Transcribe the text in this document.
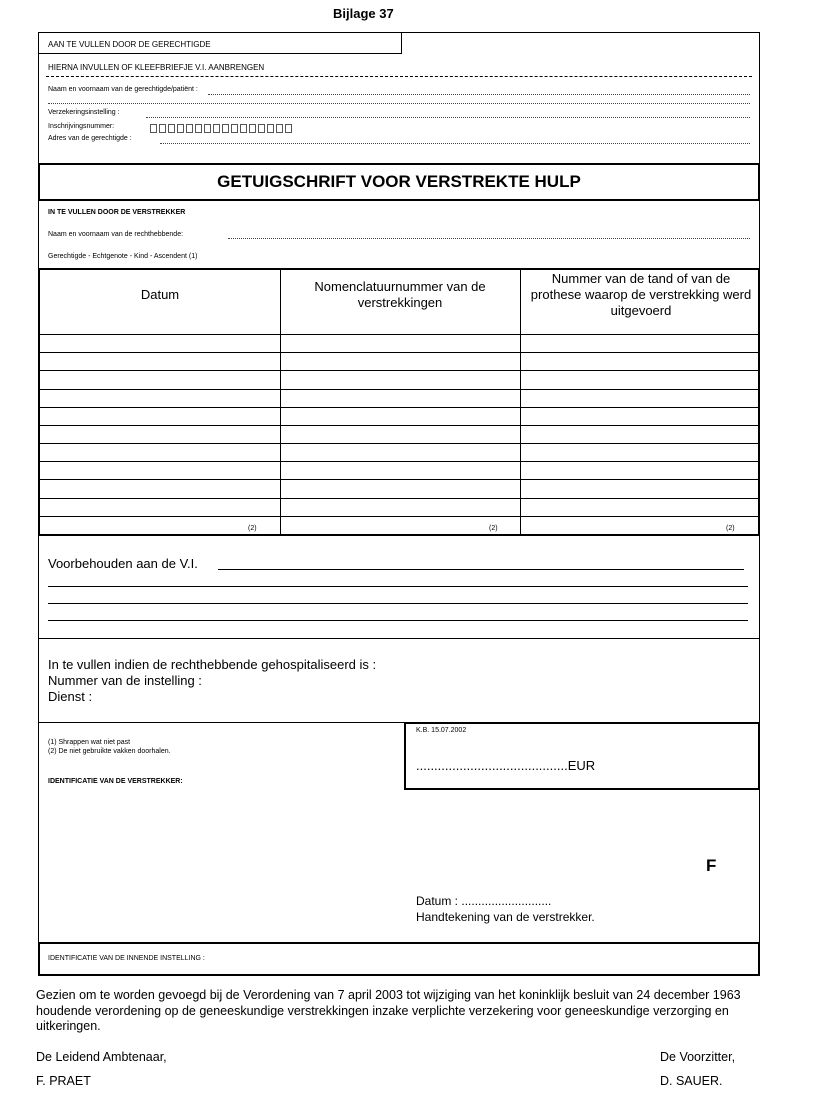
Bijlage 37
AAN TE VULLEN DOOR DE GERECHTIGDE
HIERNA INVULLEN OF KLEEFBRIEFJE V.I. AANBRENGEN
Naam en voornaam van de gerechtigde/patiënt :
Verzekeringsinstelling :
Inschrijvingsnummer:
Adres van de gerechtigde :
GETUIGSCHRIFT VOOR VERSTREKTE HULP
IN TE VULLEN DOOR DE VERSTREKKER
Naam en voornaam van de rechthebbende:
Gerechtigde - Echtgenote - Kind - Ascendent (1)
Datum
Nomenclatuurnummer van de verstrekkingen
Nummer van de tand of van de prothese waarop de verstrekking werd uitgevoerd
(2)	(2)	(2)
Voorbehouden aan de V.I.
In te vullen indien de rechthebbende gehospitaliseerd is :
Nummer van de instelling :
Dienst :
(1) Shrappen wat niet past
(2) De niet gebruikte vakken doorhalen.
IDENTIFICATIE VAN DE VERSTREKKER:
K.B. 15.07.2002
..........................................EUR
F
Datum : ...........................
Handtekening van de verstrekker.
IDENTIFICATIE VAN DE INNENDE INSTELLING :
Gezien om te worden gevoegd bij de Verordening van 7 april 2003 tot wijziging van het koninklijk besluit van 24 december 1963 houdende verordening op de geneeskundige verstrekkingen inzake verplichte verzekering voor geneeskundige verzorging en uitkeringen.
De Leidend Ambtenaar,
F. PRAET
De Voorzitter,
D. SAUER.
